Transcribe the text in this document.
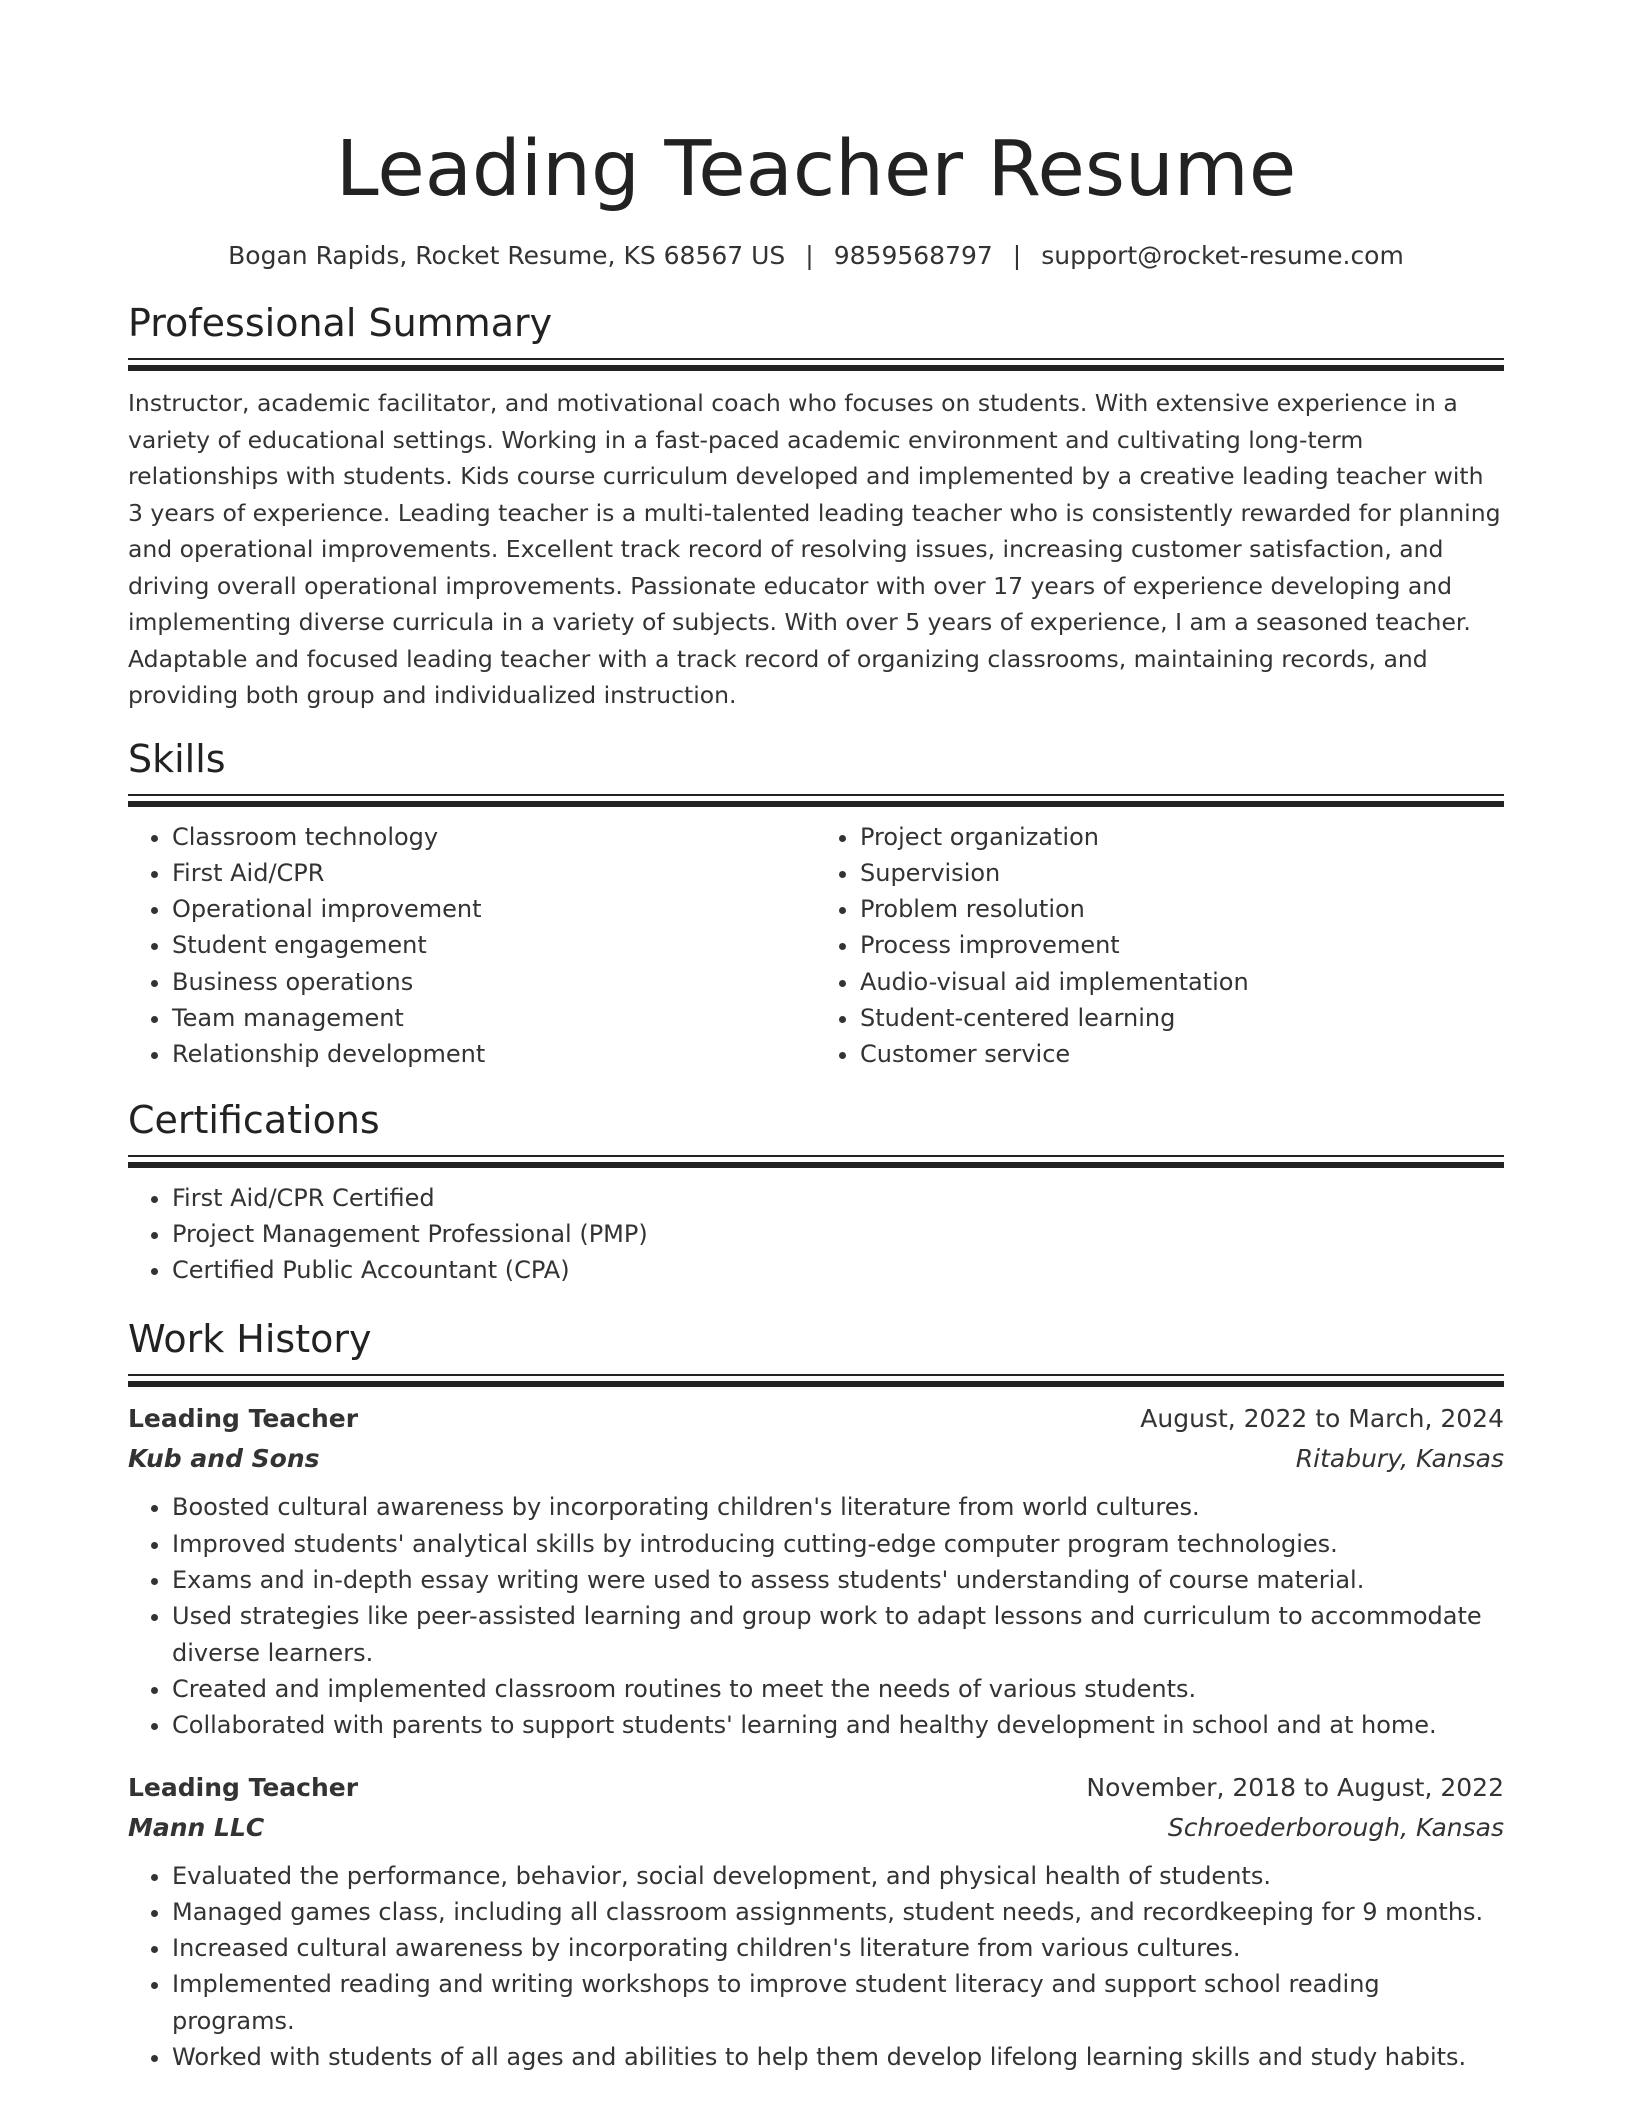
Leading Teacher Resume
Bogan Rapids, Rocket Resume, KS 68567 US | 9859568797 | support@rocket-resume.com
Professional Summary
Instructor, academic facilitator, and motivational coach who focuses on students. With extensive experience in a variety of educational settings. Working in a fast-paced academic environment and cultivating long-term relationships with students. Kids course curriculum developed and implemented by a creative leading teacher with 3 years of experience. Leading teacher is a multi-talented leading teacher who is consistently rewarded for planning and operational improvements. Excellent track record of resolving issues, increasing customer satisfaction, and driving overall operational improvements. Passionate educator with over 17 years of experience developing and implementing diverse curricula in a variety of subjects. With over 5 years of experience, I am a seasoned teacher. Adaptable and focused leading teacher with a track record of organizing classrooms, maintaining records, and providing both group and individualized instruction.
Skills
• Classroom technology
• First Aid/CPR
• Operational improvement
• Student engagement
• Business operations
• Team management
• Relationship development
• Project organization
• Supervision
• Problem resolution
• Process improvement
• Audio-visual aid implementation
• Student-centered learning
• Customer service
Certifications
• First Aid/CPR Certified
• Project Management Professional (PMP)
• Certified Public Accountant (CPA)
Work History
Leading Teacher	August, 2022 to March, 2024
Kub and Sons	Ritabury, Kansas
• Boosted cultural awareness by incorporating children's literature from world cultures.
• Improved students' analytical skills by introducing cutting-edge computer program technologies.
• Exams and in-depth essay writing were used to assess students' understanding of course material.
• Used strategies like peer-assisted learning and group work to adapt lessons and curriculum to accommodate diverse learners.
• Created and implemented classroom routines to meet the needs of various students.
• Collaborated with parents to support students' learning and healthy development in school and at home.
Leading Teacher	November, 2018 to August, 2022
Mann LLC	Schroederborough, Kansas
• Evaluated the performance, behavior, social development, and physical health of students.
• Managed games class, including all classroom assignments, student needs, and recordkeeping for 9 months.
• Increased cultural awareness by incorporating children's literature from various cultures.
• Implemented reading and writing workshops to improve student literacy and support school reading programs.
• Worked with students of all ages and abilities to help them develop lifelong learning skills and study habits.
